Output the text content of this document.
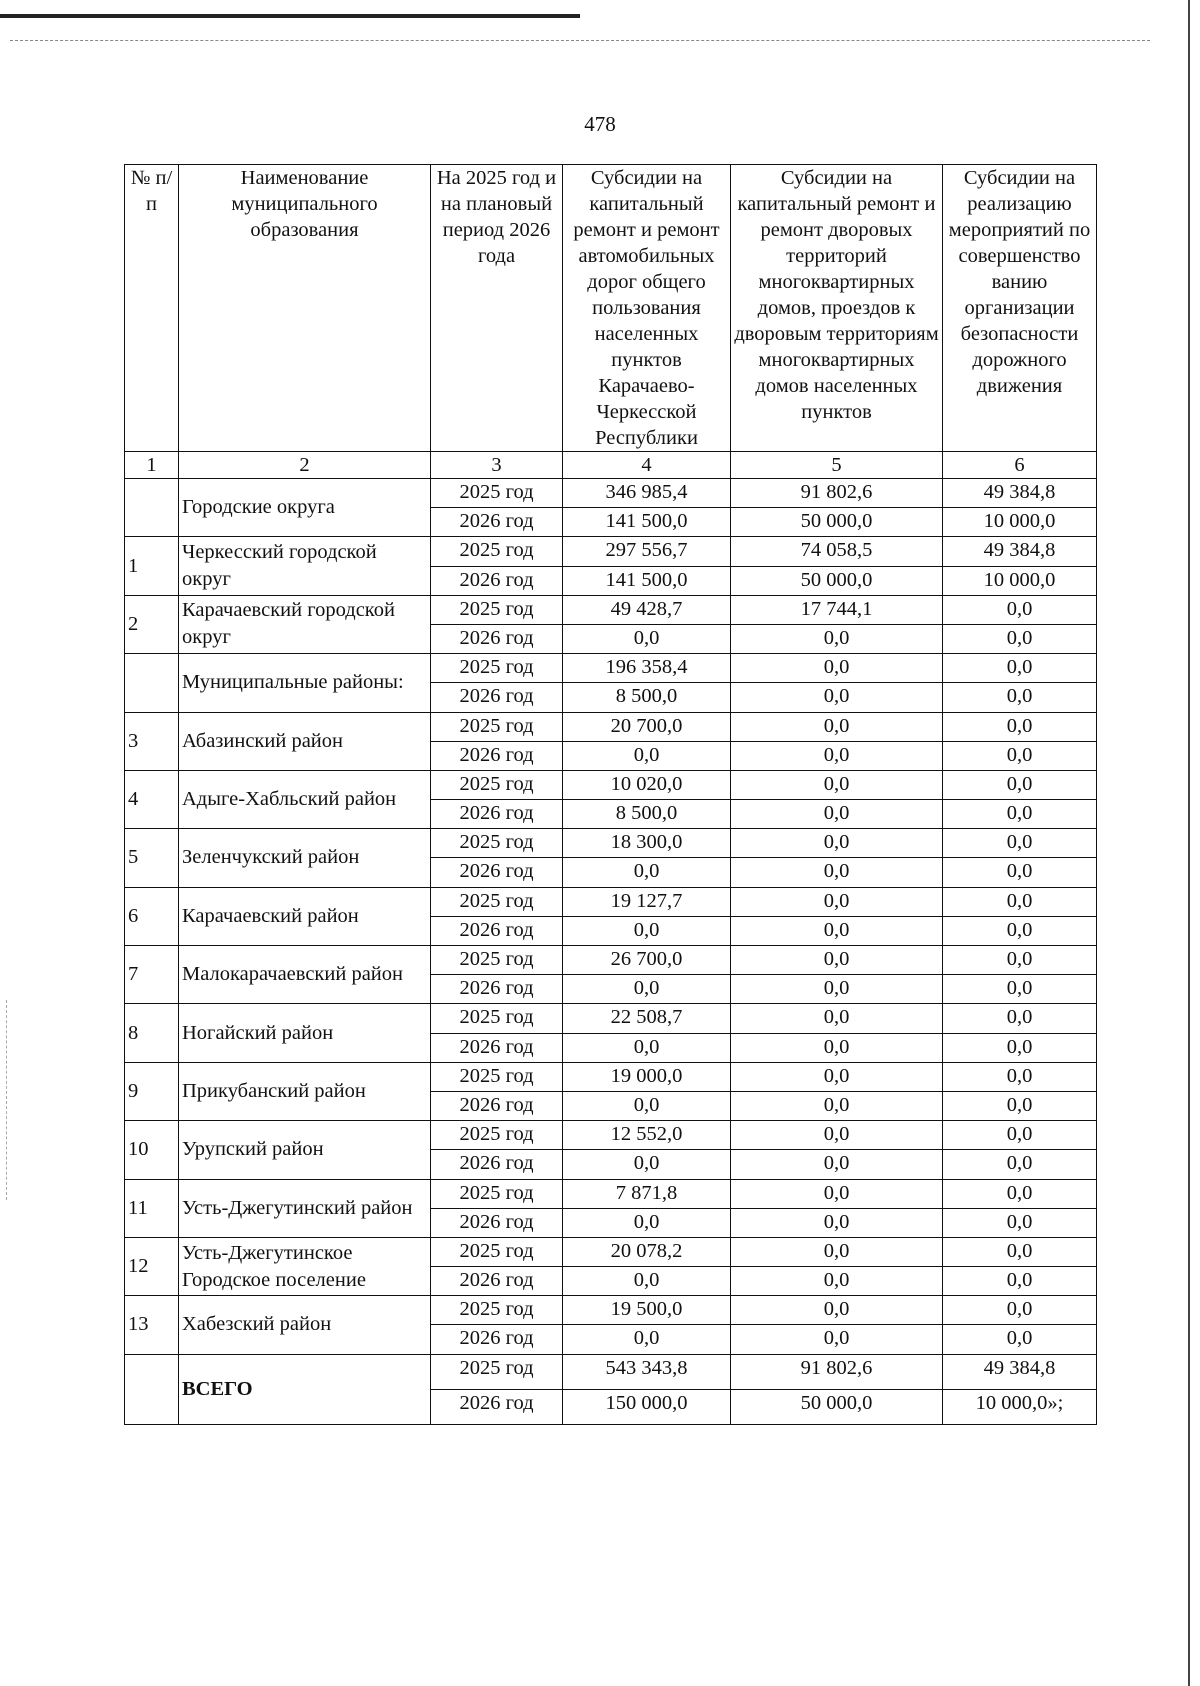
478
№ п/п	Наименование муниципального образования	На 2025 год и на плановый период 2026 года	Субсидии на капитальный ремонт и ремонт автомобильных дорог общего пользования населенных пунктов Карачаево-Черкесской Республики	Субсидии на капитальный ремонт и ремонт дворовых территорий многоквартирных домов, проездов к дворовым территориям многоквартирных домов населенных пунктов	Субсидии на реализацию мероприятий по совершенство ванию организации безопасности дорожного движения
1	2	3	4	5	6
	Городские округа	2025 год	346 985,4	91 802,6	49 384,8
		2026 год	141 500,0	50 000,0	10 000,0
1	Черкесский городской округ	2025 год	297 556,7	74 058,5	49 384,8
		2026 год	141 500,0	50 000,0	10 000,0
2	Карачаевский городской округ	2025 год	49 428,7	17 744,1	0,0
		2026 год	0,0	0,0	0,0
	Муниципальные районы:	2025 год	196 358,4	0,0	0,0
		2026 год	8 500,0	0,0	0,0
3	Абазинский район	2025 год	20 700,0	0,0	0,0
		2026 год	0,0	0,0	0,0
4	Адыге-Хабльский район	2025 год	10 020,0	0,0	0,0
		2026 год	8 500,0	0,0	0,0
5	Зеленчукский район	2025 год	18 300,0	0,0	0,0
		2026 год	0,0	0,0	0,0
6	Карачаевский район	2025 год	19 127,7	0,0	0,0
		2026 год	0,0	0,0	0,0
7	Малокарачаевский район	2025 год	26 700,0	0,0	0,0
		2026 год	0,0	0,0	0,0
8	Ногайский район	2025 год	22 508,7	0,0	0,0
		2026 год	0,0	0,0	0,0
9	Прикубанский район	2025 год	19 000,0	0,0	0,0
		2026 год	0,0	0,0	0,0
10	Урупский район	2025 год	12 552,0	0,0	0,0
		2026 год	0,0	0,0	0,0
11	Усть-Джегутинский район	2025 год	7 871,8	0,0	0,0
		2026 год	0,0	0,0	0,0
12	Усть-Джегутинское Городское поселение	2025 год	20 078,2	0,0	0,0
		2026 год	0,0	0,0	0,0
13	Хабезский район	2025 год	19 500,0	0,0	0,0
		2026 год	0,0	0,0	0,0
	ВСЕГО	2025 год	543 343,8	91 802,6	49 384,8
		2026 год	150 000,0	50 000,0	10 000,0»;
